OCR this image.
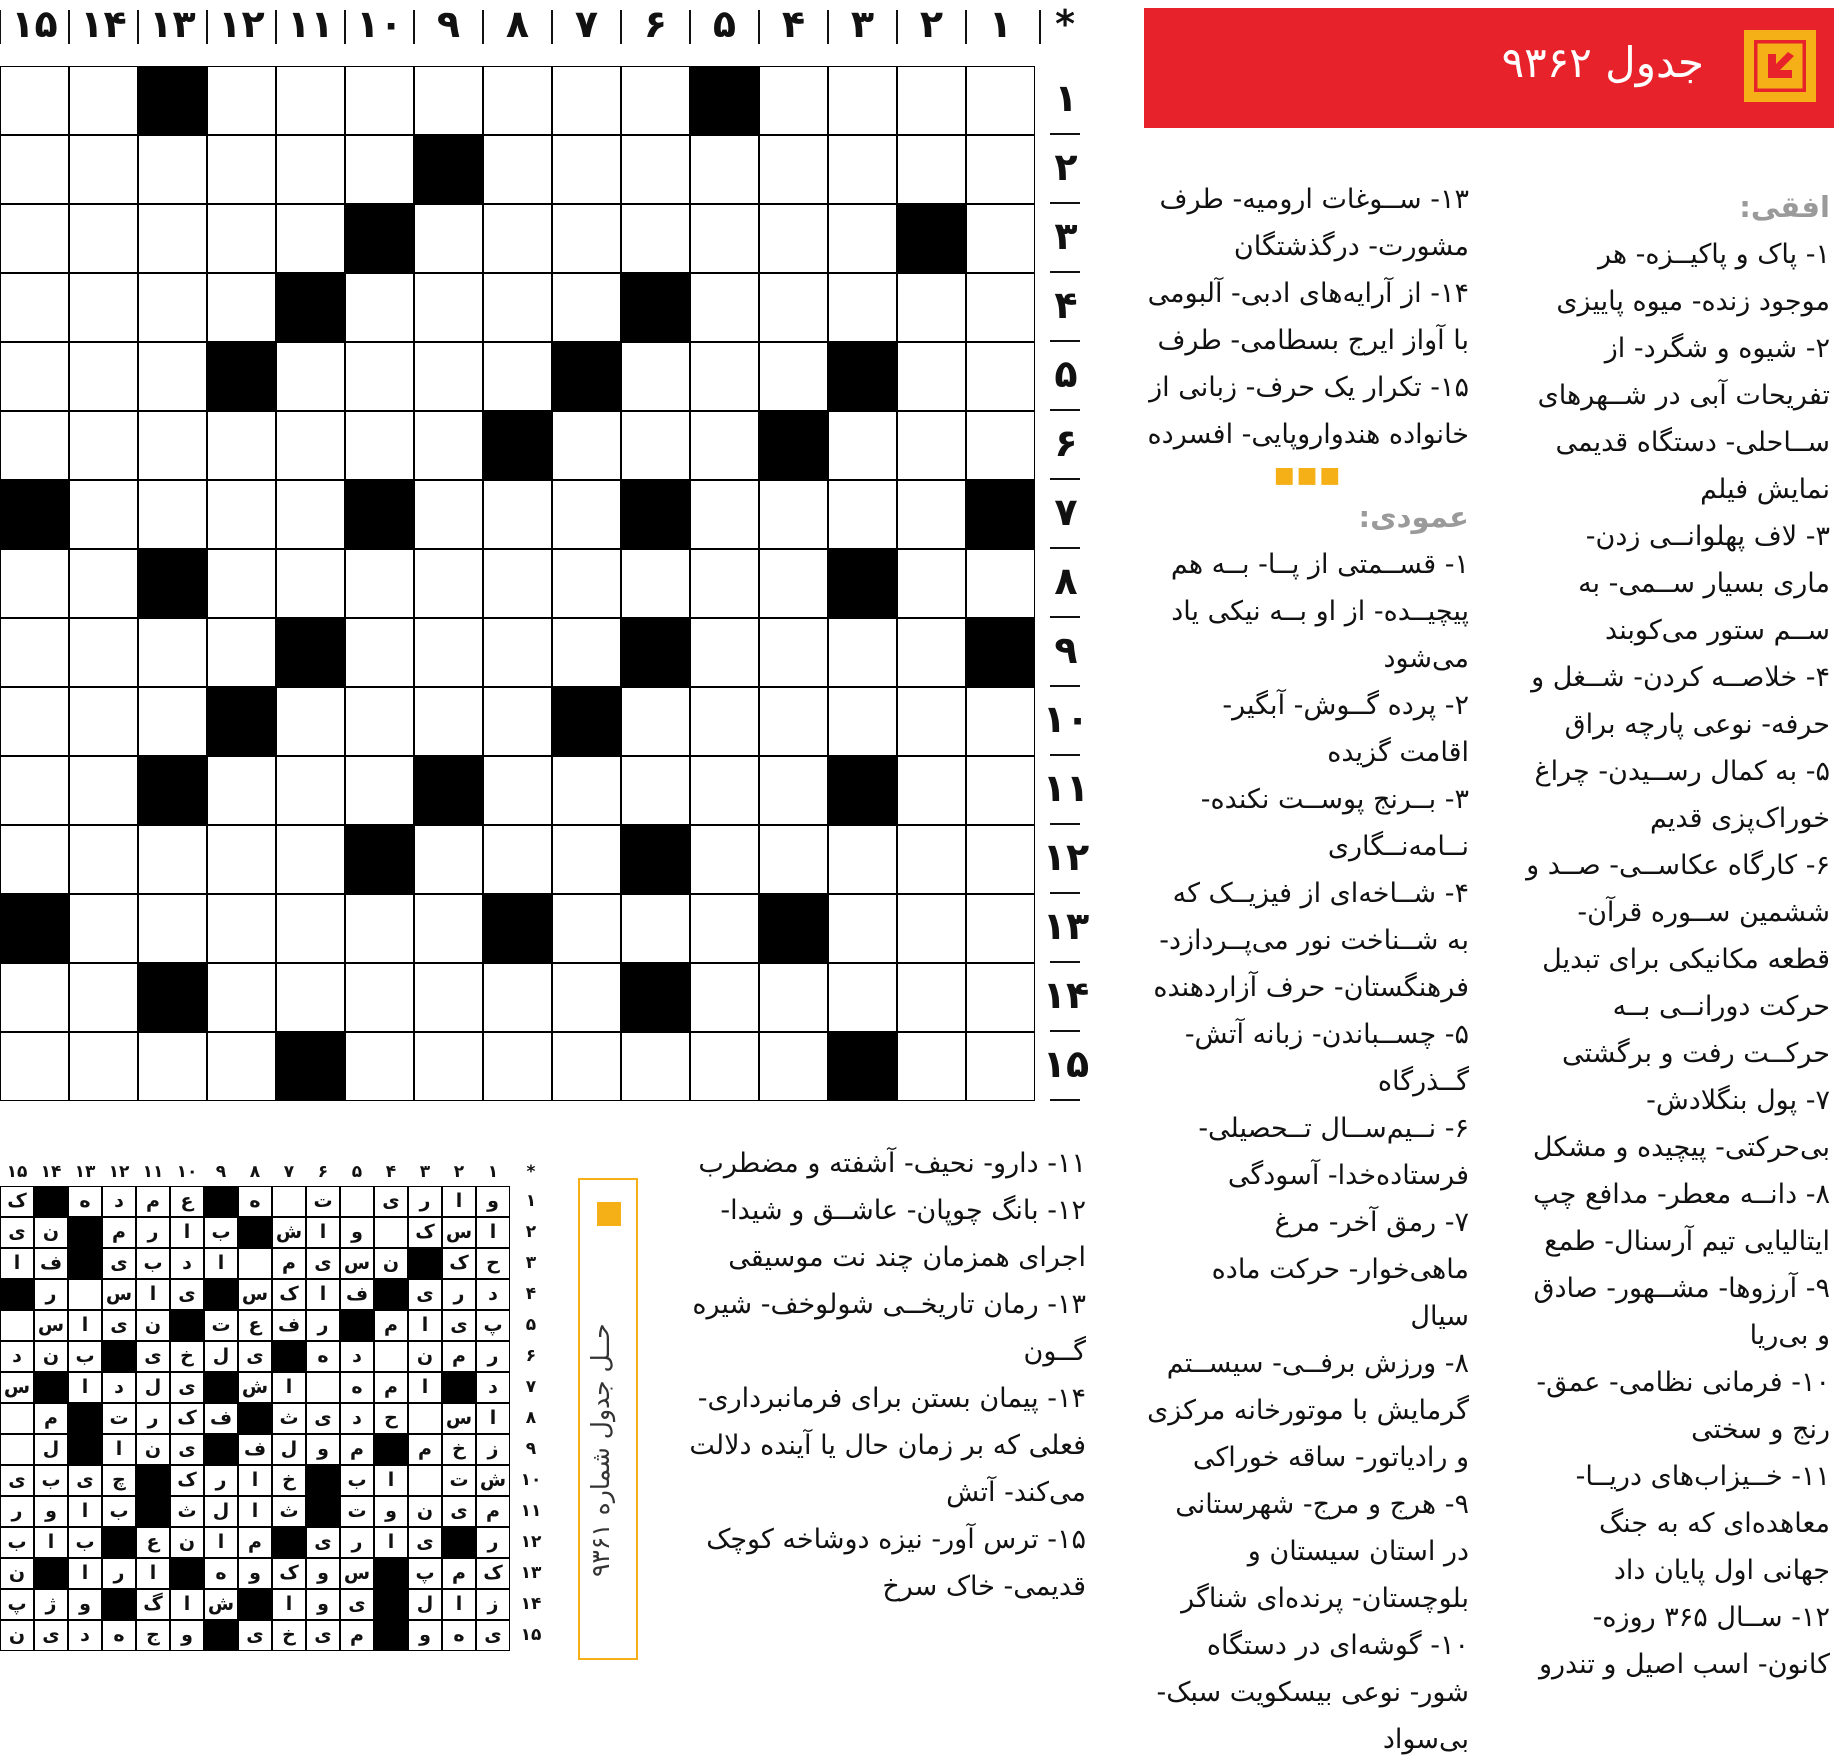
*
۱
۲
۳
۴
۵
۶
۷
۸
۹
۱۰
۱۱
۱۲
۱۳
۱۴
۱۵
۱
۲
۳
۴
۵
۶
۷
۸
۹
۱۰
۱۱
۱۲
۱۳
۱۴
۱۵
جدول ۹۳۶۲

افقی:

۱- پاک و پاکیــزه- هر موجود زنده- میوه پاییزی

۲- شیوه و شگرد- از تفریحات آبی در شــهرهای ســاحلی- دستگاه قدیمی نمایش فیلم

۳- لاف پهلوانــی زدن- ماری بسیار ســمی- به ســم ستور می‌کوبند

۴- خلاصــه کردن- شــغل و حرفه- نوعی پارچه براق

۵- به کمال رســیدن- چراغ خوراک‌پزی قدیم

۶- کارگاه عکاســی- صــد و ششمین ســوره قرآن- قطعه مکانیکی برای تبدیل حرکت دورانــی بــه حرکــت رفت و برگشتی

۷- پول بنگلادش- بی‌حرکتی- پیچیده و مشکل

۸- دانــه معطر- مدافع چپ ایتالیایی تیم آرسنال- طمع

۹- آرزوها- مشــهور- صادق و بی‌ریا

۱۰- فرمانی نظامی- عمق- رنج و سختی

۱۱- خــیزاب‌های دریــا- معاهده‌ای که به جنگ جهانی اول پایان داد

۱۲- ســال ۳۶۵ روزه- کانون- اسب اصیل و تندرو

۱۳- ســوغات ارومیه- طرف مشورت- درگذشتگان

۱۴- از آرایه‌های ادبی- آلبومی با آواز ایرج بسطامی- طرف

۱۵- تکرار یک حرف- زبانی از خانواده هندواروپایی- افسرده

■■■

عمودی:

۱- قســمتی از پــا- بــه هم پیچیــده- از او بــه نیکی یاد می‌شود

۲- پرده گــوش- آبگیر- اقامت گزیده

۳- بــرنج پوســت نکنده- نــامه‌نــگاری

۴- شــاخه‌ای از فیزیــک که به شــناخت نور می‌پــردازد- فرهنگستان- حرف آزاردهنده

۵- چســباندن- زبانه آتش- گــذرگاه

۶- نــیم‌ســال تــحصیلی- فرستاده‌خدا- آسودگی

۷- رمق آخر- مرغ ماهی‌خوار- حرکت ماده سیال

۸- ورزش برفــی- سیســتم گرمایش با موتورخانه مرکزی و رادیاتور- ساقه خوراکی

۹- هرج و مرج- شهرستانی در استان سیستان و بلوچستان- پرنده‌ای شناگر

۱۰- گوشه‌ای در دستگاه شور- نوعی بیسکویت سبک- بی‌سواد

۱۱- دارو- نحیف- آشفته و مضطرب

۱۲- بانگ چوپان- عاشــق و شیدا- اجرای همزمان چند نت موسیقی

۱۳- رمان تاریخــی شولوخف- شیره گــون

۱۴- پیمان بستن برای فرمانبرداری- فعلی که بر زمان حال یا آینده دلالت می‌کند- آتش

۱۵- ترس آور- نیزه دوشاخه کوچک قدیمی- خاک سرخ

حــل جدول شماره ۹۳۶۱
*
۱
۲
۳
۴
۵
۶
۷
۸
۹
۱۰
۱۱
۱۲
۱۳
۱۴
۱۵
و
ا
ر
ی
ت
ه
ع
م
د
ه
ک
ا
س
ک
و
ا
ش
ب
ا
ر
م
ن
ی
ح
ک
ن
س
ی
م
ا
د
ب
ی
ف
ا
د
ر
ی
ف
ا
ک
س
ی
ا
س
ر
پ
ی
ا
م
ر
ف
ع
ت
ن
ی
ا
س
ر
م
ن
د
ه
ی
ل
خ
ی
ب
ن
د
د
ا
م
ه
ا
ش
ی
ل
د
ا
س
ا
س
ح
د
ی
ث
ف
ک
ر
ت
م
ز
خ
م
م
و
ل
ف
ی
ن
ا
ل
ش
ت
ا
ب
خ
ا
ر
ک
چ
ی
ب
ی
م
ی
ن
و
ت
ث
ا
ل
ث
ب
ا
و
ر
ر
ی
ا
ر
ی
م
ا
ن
ع
ب
ا
ب
ک
م
پ
س
و
ک
و
ه
ا
ر
ا
ن
ز
ا
ل
ی
و
ا
ش
ا
گ
و
ژ
پ
ی
ه
و
م
ی
خ
ی
و
ج
ه
د
ی
ن
۱
۲
۳
۴
۵
۶
۷
۸
۹
۱۰
۱۱
۱۲
۱۳
۱۴
۱۵
